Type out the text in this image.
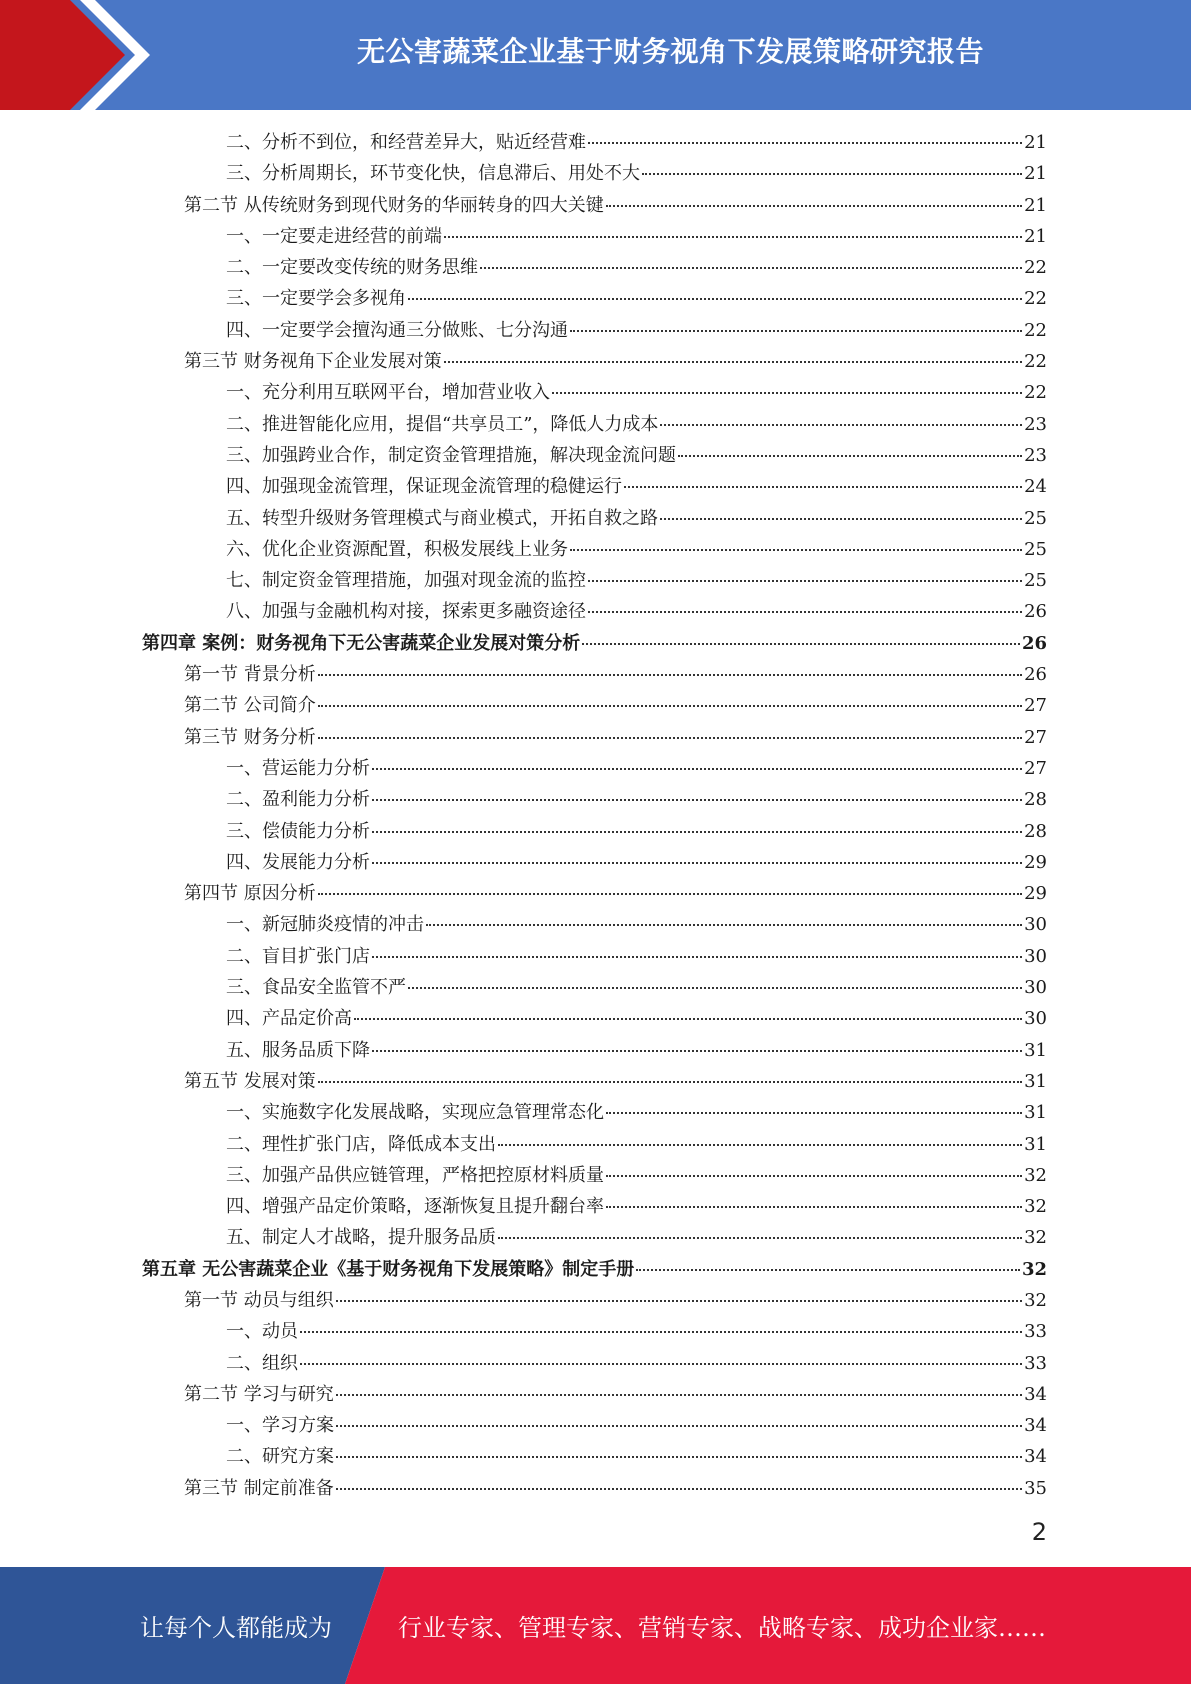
无公害蔬菜企业基于财务视角下发展策略研究报告
二、分析不到位，和经营差异大，贴近经营难	21
三、分析周期长，环节变化快，信息滞后、用处不大	21
第二节 从传统财务到现代财务的华丽转身的四大关键	21
一、一定要走进经营的前端	21
二、一定要改变传统的财务思维	22
三、一定要学会多视角	22
四、一定要学会擅沟通三分做账、七分沟通	22
第三节 财务视角下企业发展对策	22
一、充分利用互联网平台，增加营业收入	22
二、推进智能化应用，提倡“共享员工”，降低人力成本	23
三、加强跨业合作，制定资金管理措施，解决现金流问题	23
四、加强现金流管理，保证现金流管理的稳健运行	24
五、转型升级财务管理模式与商业模式，开拓自救之路	25
六、优化企业资源配置，积极发展线上业务	25
七、制定资金管理措施，加强对现金流的监控	25
八、加强与金融机构对接，探索更多融资途径	26
第四章 案例：财务视角下无公害蔬菜企业发展对策分析	26
第一节 背景分析	26
第二节 公司简介	27
第三节 财务分析	27
一、营运能力分析	27
二、盈利能力分析	28
三、偿债能力分析	28
四、发展能力分析	29
第四节 原因分析	29
一、新冠肺炎疫情的冲击	30
二、盲目扩张门店	30
三、食品安全监管不严	30
四、产品定价高	30
五、服务品质下降	31
第五节 发展对策	31
一、实施数字化发展战略，实现应急管理常态化	31
二、理性扩张门店，降低成本支出	31
三、加强产品供应链管理，严格把控原材料质量	32
四、增强产品定价策略，逐渐恢复且提升翻台率	32
五、制定人才战略，提升服务品质	32
第五章 无公害蔬菜企业《基于财务视角下发展策略》制定手册	32
第一节 动员与组织	32
一、动员	33
二、组织	33
第二节 学习与研究	34
一、学习方案	34
二、研究方案	34
第三节 制定前准备	35
2
让每个人都能成为	行业专家、管理专家、营销专家、战略专家、成功企业家……
